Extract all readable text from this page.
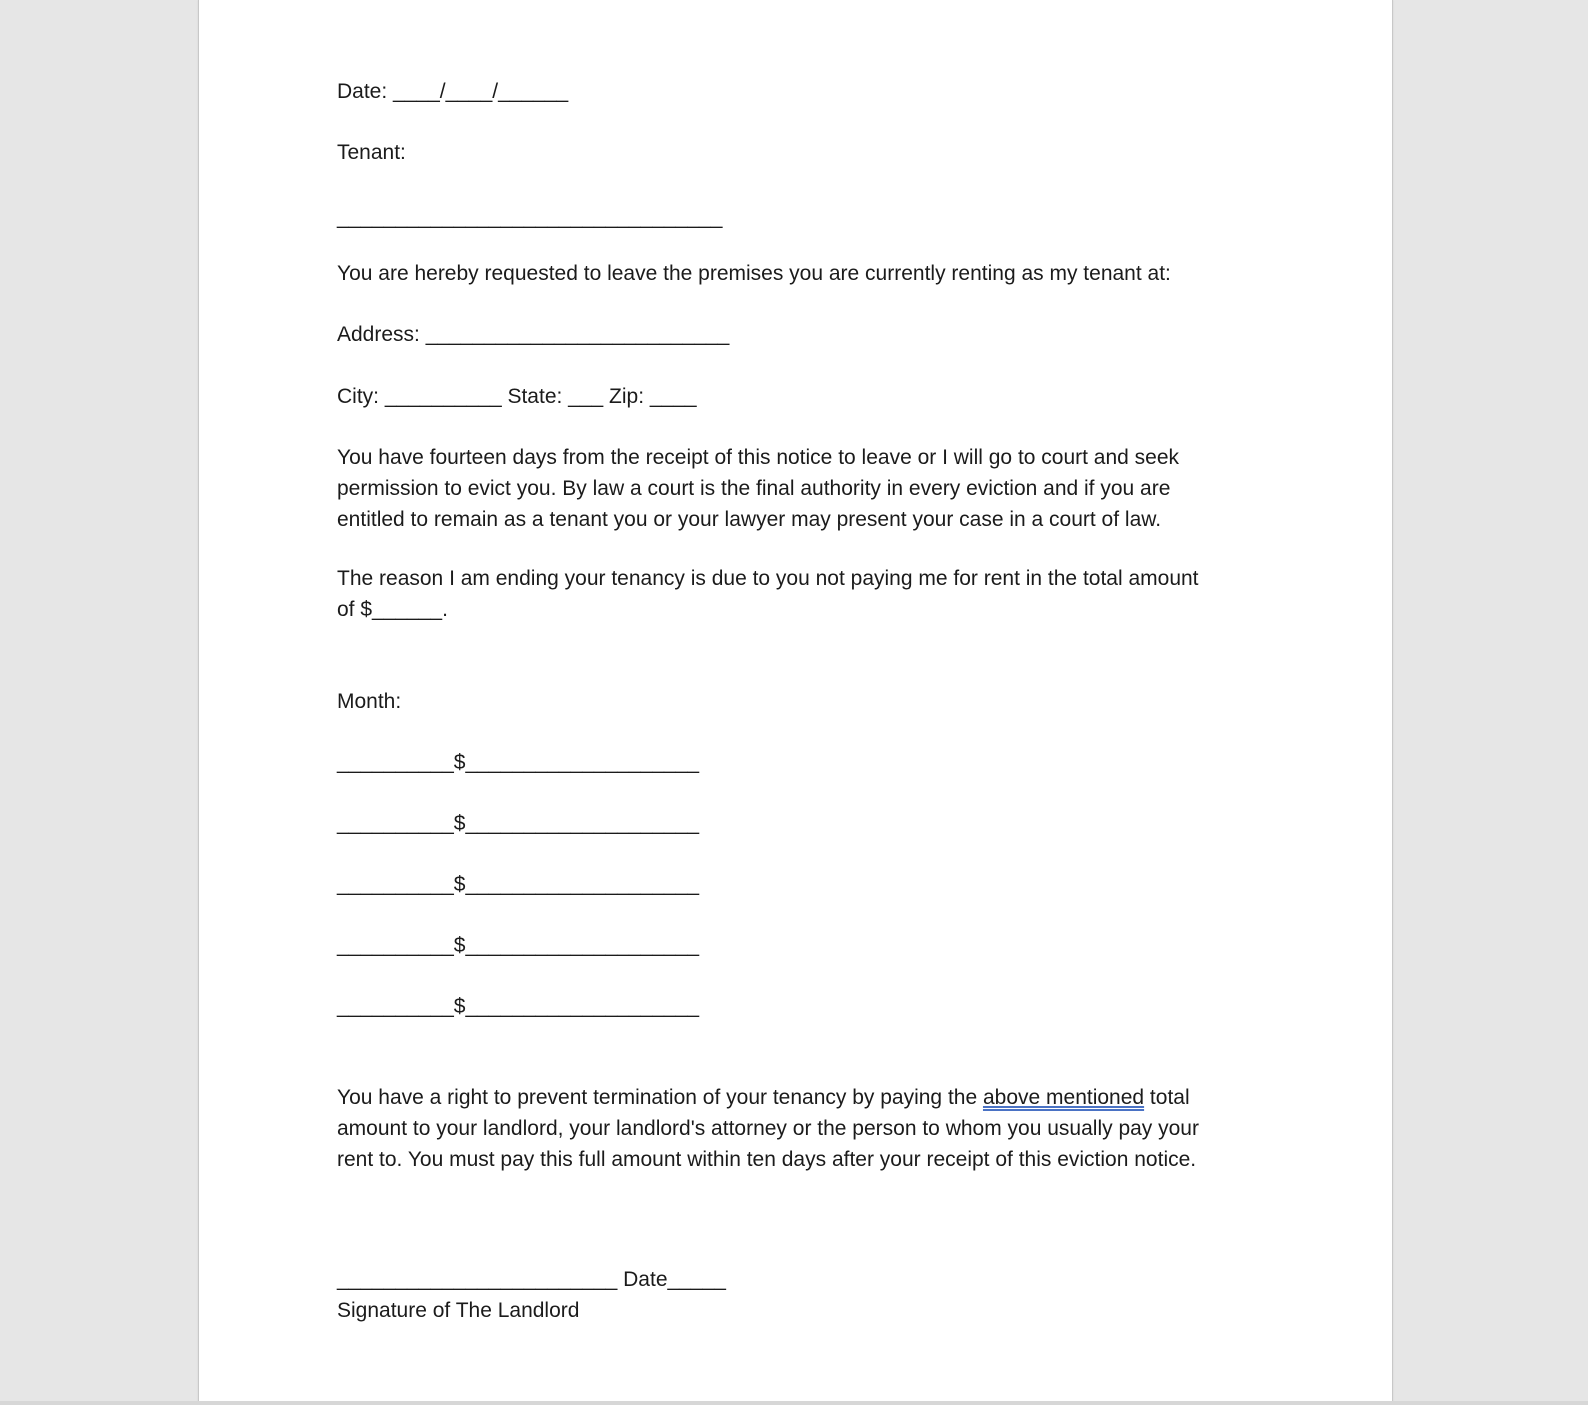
Date: ____/____/______
Tenant:
_________________________________
You are hereby requested to leave the premises you are currently renting as my tenant at:
Address: __________________________
City: __________ State: ___ Zip: ____
You have fourteen days from the receipt of this notice to leave or I will go to court and seek
permission to evict you. By law a court is the final authority in every eviction and if you are
entitled to remain as a tenant you or your lawyer may present your case in a court of law.
The reason I am ending your tenancy is due to you not paying me for rent in the total amount
of $______.
Month:
__________$____________________
__________$____________________
__________$____________________
__________$____________________
__________$____________________
You have a right to prevent termination of your tenancy by paying the above mentioned total
amount to your landlord, your landlord's attorney or the person to whom you usually pay your
rent to. You must pay this full amount within ten days after your receipt of this eviction notice.
________________________ Date_____
Signature of The Landlord
